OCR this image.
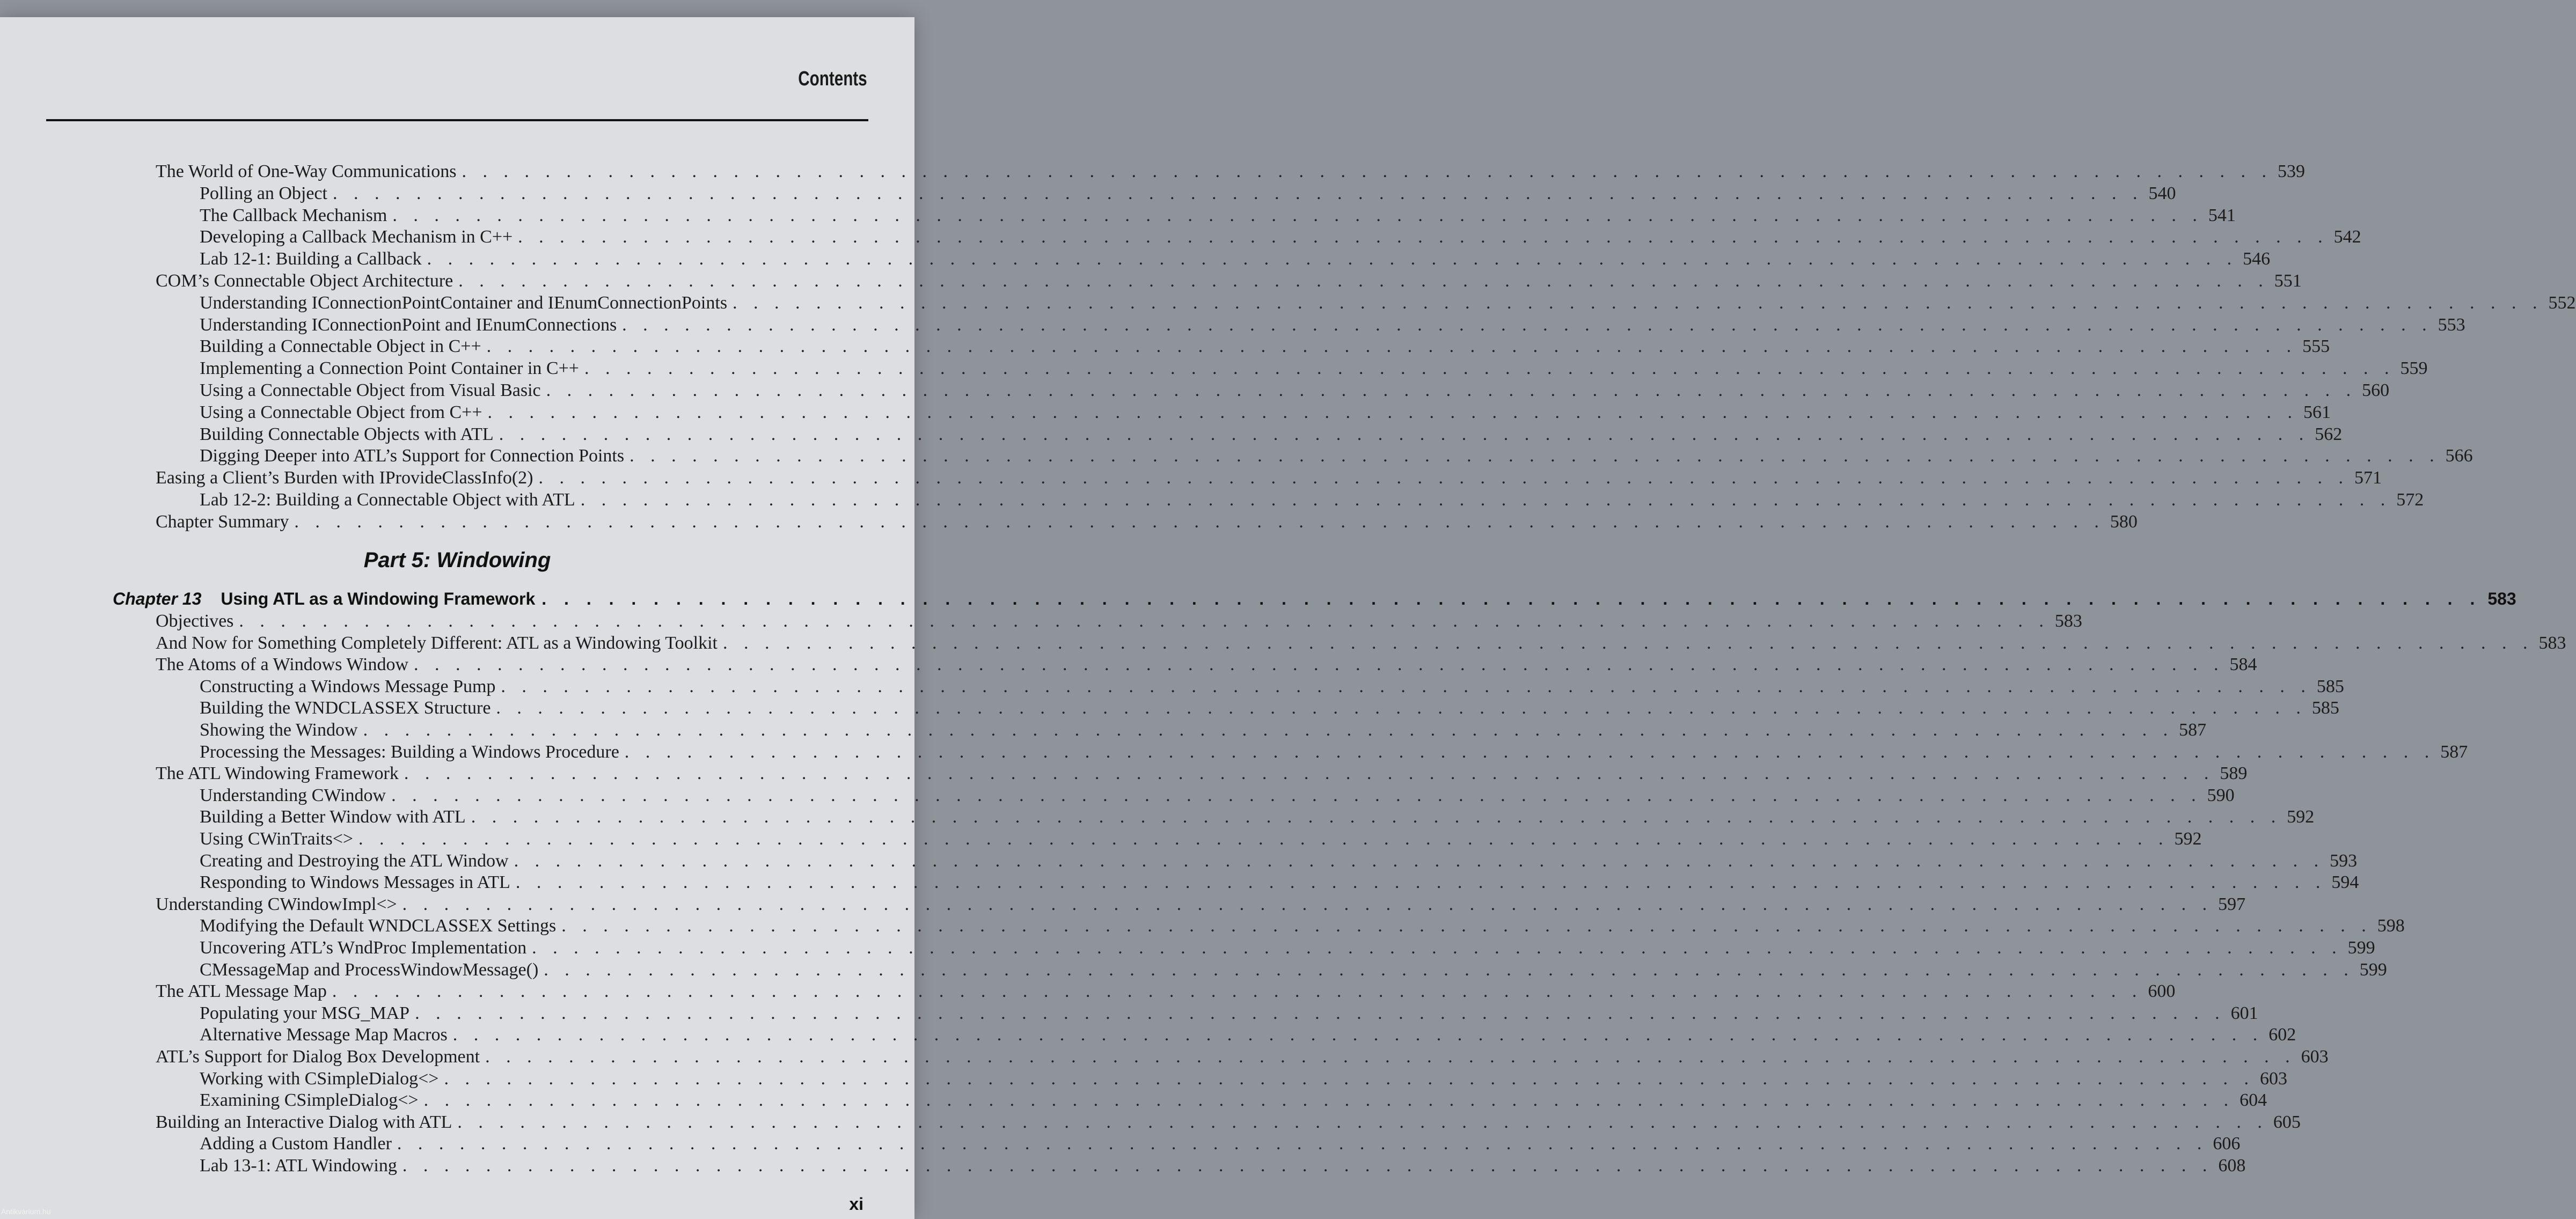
Contents
The World of One-Way Communications . . . . . . . . . . . . . . . . . . . . . . . . . . . . . . . . . . . . . . . . . . . . . . . . . . . . . . . . . . . . . . . . . . . . . . . . . . . . . . . . . . . . . . . 539
Polling an Object . . . . . . . . . . . . . . . . . . . . . . . . . . . . . . . . . . . . . . . . . . . . . . . . . . . . . . . . . . . . . . . . . . . . . . . . . . . . . . . . . . . . . . . 540
The Callback Mechanism . . . . . . . . . . . . . . . . . . . . . . . . . . . . . . . . . . . . . . . . . . . . . . . . . . . . . . . . . . . . . . . . . . . . . . . . . . . . . . . . . . . . . . . 541
Developing a Callback Mechanism in C++ . . . . . . . . . . . . . . . . . . . . . . . . . . . . . . . . . . . . . . . . . . . . . . . . . . . . . . . . . . . . . . . . . . . . . . . . . . . . . . . . . . . . . . . 542
Lab 12-1: Building a Callback . . . . . . . . . . . . . . . . . . . . . . . . . . . . . . . . . . . . . . . . . . . . . . . . . . . . . . . . . . . . . . . . . . . . . . . . . . . . . . . . . . . . . . . 546
COM’s Connectable Object Architecture . . . . . . . . . . . . . . . . . . . . . . . . . . . . . . . . . . . . . . . . . . . . . . . . . . . . . . . . . . . . . . . . . . . . . . . . . . . . . . . . . . . . . . . 551
Understanding IConnectionPointContainer and IEnumConnectionPoints . . . . . . . . . . . . . . . . . . . . . . . . . . . . . . . . . . . . . . . . . . . . . . . . . . . . . . . . . . . . . . . . . . . . . . . . . . . . . . . . . . . . . . . 552
Understanding IConnectionPoint and IEnumConnections . . . . . . . . . . . . . . . . . . . . . . . . . . . . . . . . . . . . . . . . . . . . . . . . . . . . . . . . . . . . . . . . . . . . . . . . . . . . . . . . . . . . . . . 553
Building a Connectable Object in C++ . . . . . . . . . . . . . . . . . . . . . . . . . . . . . . . . . . . . . . . . . . . . . . . . . . . . . . . . . . . . . . . . . . . . . . . . . . . . . . . . . . . . . . . 555
Implementing a Connection Point Container in C++ . . . . . . . . . . . . . . . . . . . . . . . . . . . . . . . . . . . . . . . . . . . . . . . . . . . . . . . . . . . . . . . . . . . . . . . . . . . . . . . . . . . . . . . 559
Using a Connectable Object from Visual Basic . . . . . . . . . . . . . . . . . . . . . . . . . . . . . . . . . . . . . . . . . . . . . . . . . . . . . . . . . . . . . . . . . . . . . . . . . . . . . . . . . . . . . . . 560
Using a Connectable Object from C++ . . . . . . . . . . . . . . . . . . . . . . . . . . . . . . . . . . . . . . . . . . . . . . . . . . . . . . . . . . . . . . . . . . . . . . . . . . . . . . . . . . . . . . . 561
Building Connectable Objects with ATL . . . . . . . . . . . . . . . . . . . . . . . . . . . . . . . . . . . . . . . . . . . . . . . . . . . . . . . . . . . . . . . . . . . . . . . . . . . . . . . . . . . . . . . 562
Digging Deeper into ATL’s Support for Connection Points . . . . . . . . . . . . . . . . . . . . . . . . . . . . . . . . . . . . . . . . . . . . . . . . . . . . . . . . . . . . . . . . . . . . . . . . . . . . . . . . . . . . . . . 566
Easing a Client’s Burden with IProvideClassInfo(2) . . . . . . . . . . . . . . . . . . . . . . . . . . . . . . . . . . . . . . . . . . . . . . . . . . . . . . . . . . . . . . . . . . . . . . . . . . . . . . . . . . . . . . . 571
Lab 12-2: Building a Connectable Object with ATL . . . . . . . . . . . . . . . . . . . . . . . . . . . . . . . . . . . . . . . . . . . . . . . . . . . . . . . . . . . . . . . . . . . . . . . . . . . . . . . . . . . . . . . 572
Chapter Summary . . . . . . . . . . . . . . . . . . . . . . . . . . . . . . . . . . . . . . . . . . . . . . . . . . . . . . . . . . . . . . . . . . . . . . . . . . . . . . . . . . . . . . . 580
Part 5: Windowing
Chapter 13 Using ATL as a Windowing Framework . . . . . . . . . . . . . . . . . . . . . . . . . . . . . . . . . . . . . . . . . . . . . . . . . . . . . . . . . . . . . . . . . . . . . . . . . . . . . . . . . . . . . . . 583
Objectives . . . . . . . . . . . . . . . . . . . . . . . . . . . . . . . . . . . . . . . . . . . . . . . . . . . . . . . . . . . . . . . . . . . . . . . . . . . . . . . . . . . . . . . 583
And Now for Something Completely Different: ATL as a Windowing Toolkit . . . . . . . . . . . . . . . . . . . . . . . . . . . . . . . . . . . . . . . . . . . . . . . . . . . . . . . . . . . . . . . . . . . . . . . . . . . . . . . . . . . . . . . 583
The Atoms of a Windows Window . . . . . . . . . . . . . . . . . . . . . . . . . . . . . . . . . . . . . . . . . . . . . . . . . . . . . . . . . . . . . . . . . . . . . . . . . . . . . . . . . . . . . . . 584
Constructing a Windows Message Pump . . . . . . . . . . . . . . . . . . . . . . . . . . . . . . . . . . . . . . . . . . . . . . . . . . . . . . . . . . . . . . . . . . . . . . . . . . . . . . . . . . . . . . . 585
Building the WNDCLASSEX Structure . . . . . . . . . . . . . . . . . . . . . . . . . . . . . . . . . . . . . . . . . . . . . . . . . . . . . . . . . . . . . . . . . . . . . . . . . . . . . . . . . . . . . . . 585
Showing the Window . . . . . . . . . . . . . . . . . . . . . . . . . . . . . . . . . . . . . . . . . . . . . . . . . . . . . . . . . . . . . . . . . . . . . . . . . . . . . . . . . . . . . . . 587
Processing the Messages: Building a Windows Procedure . . . . . . . . . . . . . . . . . . . . . . . . . . . . . . . . . . . . . . . . . . . . . . . . . . . . . . . . . . . . . . . . . . . . . . . . . . . . . . . . . . . . . . . 587
The ATL Windowing Framework . . . . . . . . . . . . . . . . . . . . . . . . . . . . . . . . . . . . . . . . . . . . . . . . . . . . . . . . . . . . . . . . . . . . . . . . . . . . . . . . . . . . . . . 589
Understanding CWindow . . . . . . . . . . . . . . . . . . . . . . . . . . . . . . . . . . . . . . . . . . . . . . . . . . . . . . . . . . . . . . . . . . . . . . . . . . . . . . . . . . . . . . . 590
Building a Better Window with ATL . . . . . . . . . . . . . . . . . . . . . . . . . . . . . . . . . . . . . . . . . . . . . . . . . . . . . . . . . . . . . . . . . . . . . . . . . . . . . . . . . . . . . . . 592
Using CWinTraits<> . . . . . . . . . . . . . . . . . . . . . . . . . . . . . . . . . . . . . . . . . . . . . . . . . . . . . . . . . . . . . . . . . . . . . . . . . . . . . . . . . . . . . . . 592
Creating and Destroying the ATL Window . . . . . . . . . . . . . . . . . . . . . . . . . . . . . . . . . . . . . . . . . . . . . . . . . . . . . . . . . . . . . . . . . . . . . . . . . . . . . . . . . . . . . . . 593
Responding to Windows Messages in ATL . . . . . . . . . . . . . . . . . . . . . . . . . . . . . . . . . . . . . . . . . . . . . . . . . . . . . . . . . . . . . . . . . . . . . . . . . . . . . . . . . . . . . . . 594
Understanding CWindowImpl<> . . . . . . . . . . . . . . . . . . . . . . . . . . . . . . . . . . . . . . . . . . . . . . . . . . . . . . . . . . . . . . . . . . . . . . . . . . . . . . . . . . . . . . . 597
Modifying the Default WNDCLASSEX Settings . . . . . . . . . . . . . . . . . . . . . . . . . . . . . . . . . . . . . . . . . . . . . . . . . . . . . . . . . . . . . . . . . . . . . . . . . . . . . . . . . . . . . . . 598
Uncovering ATL’s WndProc Implementation . . . . . . . . . . . . . . . . . . . . . . . . . . . . . . . . . . . . . . . . . . . . . . . . . . . . . . . . . . . . . . . . . . . . . . . . . . . . . . . . . . . . . . . 599
CMessageMap and ProcessWindowMessage() . . . . . . . . . . . . . . . . . . . . . . . . . . . . . . . . . . . . . . . . . . . . . . . . . . . . . . . . . . . . . . . . . . . . . . . . . . . . . . . . . . . . . . . 599
The ATL Message Map . . . . . . . . . . . . . . . . . . . . . . . . . . . . . . . . . . . . . . . . . . . . . . . . . . . . . . . . . . . . . . . . . . . . . . . . . . . . . . . . . . . . . . . 600
Populating your MSG_MAP . . . . . . . . . . . . . . . . . . . . . . . . . . . . . . . . . . . . . . . . . . . . . . . . . . . . . . . . . . . . . . . . . . . . . . . . . . . . . . . . . . . . . . . 601
Alternative Message Map Macros . . . . . . . . . . . . . . . . . . . . . . . . . . . . . . . . . . . . . . . . . . . . . . . . . . . . . . . . . . . . . . . . . . . . . . . . . . . . . . . . . . . . . . . 602
ATL’s Support for Dialog Box Development . . . . . . . . . . . . . . . . . . . . . . . . . . . . . . . . . . . . . . . . . . . . . . . . . . . . . . . . . . . . . . . . . . . . . . . . . . . . . . . . . . . . . . . 603
Working with CSimpleDialog<> . . . . . . . . . . . . . . . . . . . . . . . . . . . . . . . . . . . . . . . . . . . . . . . . . . . . . . . . . . . . . . . . . . . . . . . . . . . . . . . . . . . . . . . 603
Examining CSimpleDialog<> . . . . . . . . . . . . . . . . . . . . . . . . . . . . . . . . . . . . . . . . . . . . . . . . . . . . . . . . . . . . . . . . . . . . . . . . . . . . . . . . . . . . . . . 604
Building an Interactive Dialog with ATL . . . . . . . . . . . . . . . . . . . . . . . . . . . . . . . . . . . . . . . . . . . . . . . . . . . . . . . . . . . . . . . . . . . . . . . . . . . . . . . . . . . . . . . 605
Adding a Custom Handler . . . . . . . . . . . . . . . . . . . . . . . . . . . . . . . . . . . . . . . . . . . . . . . . . . . . . . . . . . . . . . . . . . . . . . . . . . . . . . . . . . . . . . . 606
Lab 13-1: ATL Windowing . . . . . . . . . . . . . . . . . . . . . . . . . . . . . . . . . . . . . . . . . . . . . . . . . . . . . . . . . . . . . . . . . . . . . . . . . . . . . . . . . . . . . . . 608
xi
Antikvárium.hu
